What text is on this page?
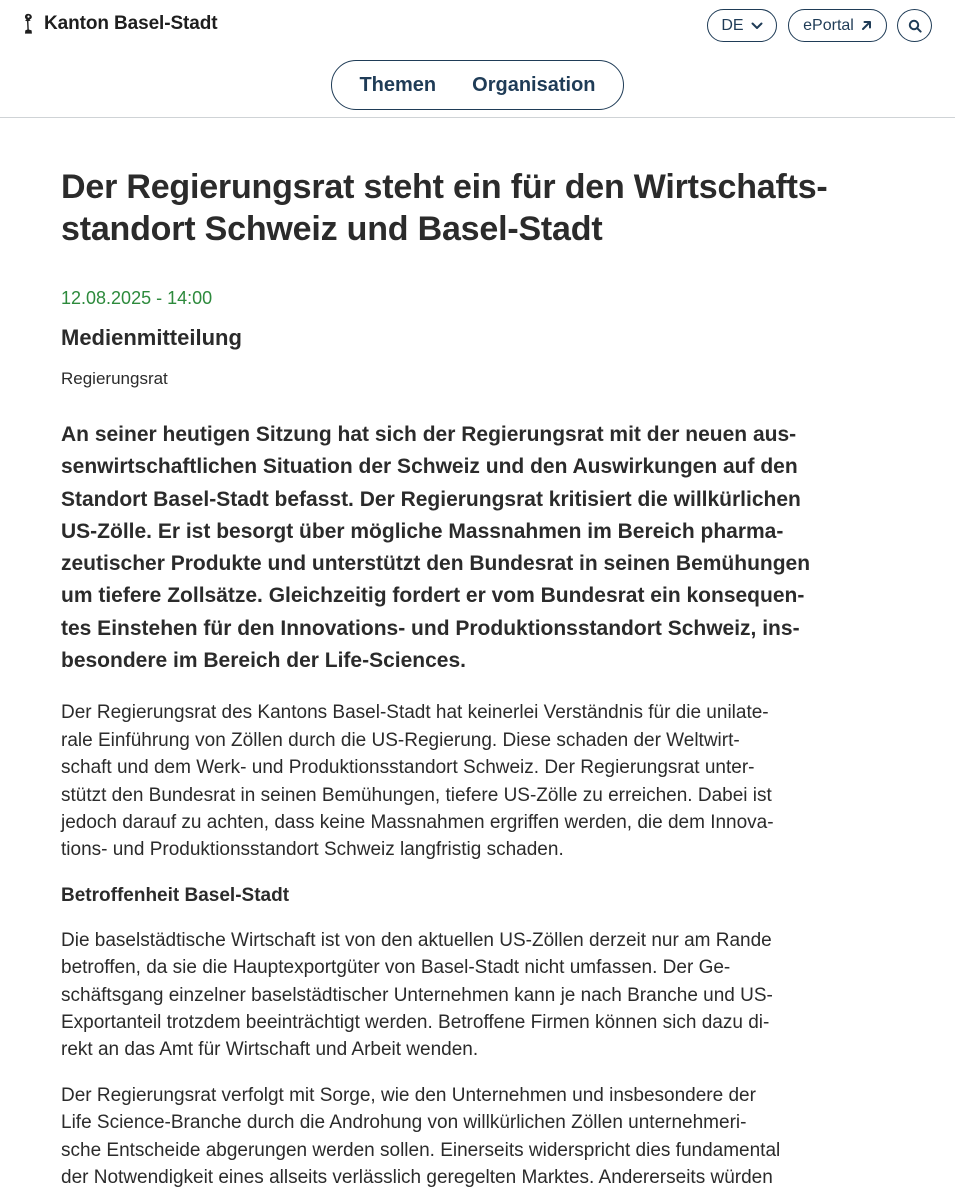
Kanton Basel-Stadt	DE	ePortal
Themen Organisation
Der Regierungsrat steht ein für den Wirtschafts-
standort Schweiz und Basel-Stadt
12.08.2025 - 14:00
Medienmitteilung
Regierungsrat
An seiner heutigen Sitzung hat sich der Regierungsrat mit der neuen aus-
senwirtschaftlichen Situation der Schweiz und den Auswirkungen auf den
Standort Basel-Stadt befasst. Der Regierungsrat kritisiert die willkürlichen
US-Zölle. Er ist besorgt über mögliche Massnahmen im Bereich pharma-
zeutischer Produkte und unterstützt den Bundesrat in seinen Bemühungen
um tiefere Zollsätze. Gleichzeitig fordert er vom Bundesrat ein konsequen-
tes Einstehen für den Innovations- und Produktionsstandort Schweiz, ins-
besondere im Bereich der Life-Sciences.

Der Regierungsrat des Kantons Basel-Stadt hat keinerlei Verständnis für die unilate-
rale Einführung von Zöllen durch die US-Regierung. Diese schaden der Weltwirt-
schaft und dem Werk- und Produktionsstandort Schweiz. Der Regierungsrat unter-
stützt den Bundesrat in seinen Bemühungen, tiefere US-Zölle zu erreichen. Dabei ist
jedoch darauf zu achten, dass keine Massnahmen ergriffen werden, die dem Innova-
tions- und Produktionsstandort Schweiz langfristig schaden.

Betroffenheit Basel-Stadt

Die baselstädtische Wirtschaft ist von den aktuellen US-Zöllen derzeit nur am Rande
betroffen, da sie die Hauptexportgüter von Basel-Stadt nicht umfassen. Der Ge-
schäftsgang einzelner baselstädtischer Unternehmen kann je nach Branche und US-
Exportanteil trotzdem beeinträchtigt werden. Betroffene Firmen können sich dazu di-
rekt an das Amt für Wirtschaft und Arbeit wenden.

Der Regierungsrat verfolgt mit Sorge, wie den Unternehmen und insbesondere der
Life Science-Branche durch die Androhung von willkürlichen Zöllen unternehmeri-
sche Entscheide abgerungen werden sollen. Einerseits widerspricht dies fundamental
der Notwendigkeit eines allseits verlässlich geregelten Marktes. Andererseits würden
